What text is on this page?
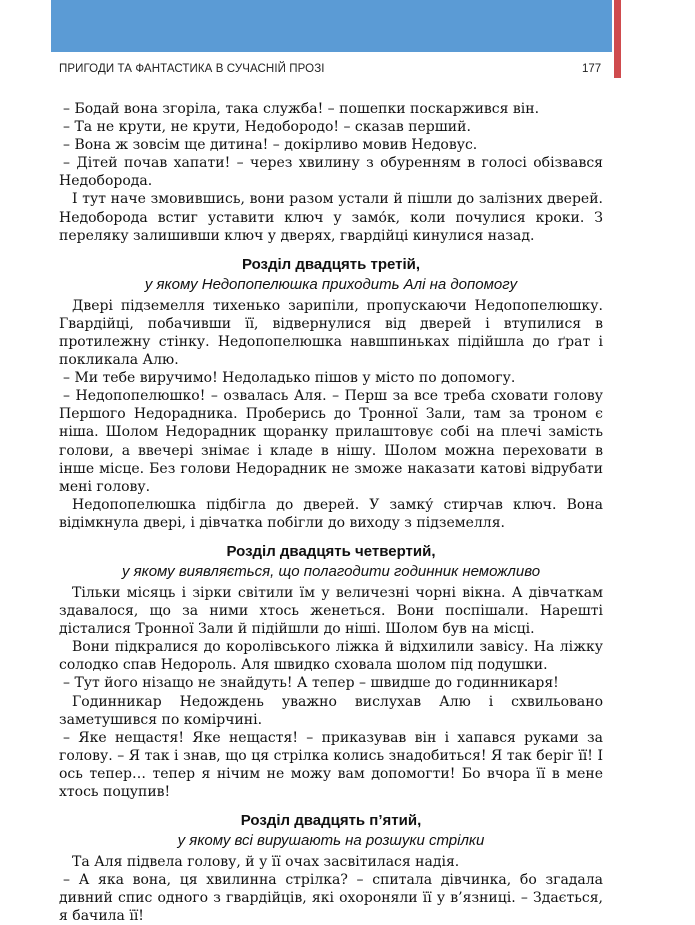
ПРИГОДИ ТА ФАНТАСТИКА В СУЧАСНІЙ ПРОЗІ	177

– Бодай вона згоріла, така служба! – пошепки поскаржився він.

– Та не крути, не крути, Недобородо! – сказав перший.

– Вона ж зовсім ще дитина! – докірливо мовив Недовус.

– Дітей почав хапати! – через хвилину з обуренням в голосі обізвався Недоборода.

І тут наче змовившись, вони разом устали й пішли до залізних дверей. Недоборода встиг уставити ключ у замо́к, коли почулися кроки. З переляку залишивши ключ у дверях, гвардійці кинулися назад.

Розділ двадцять третій,
у якому Недопопелюшка приходить Алі на допомогу

Двері підземелля тихенько зарипіли, пропускаючи Недопопелюшку. Гвардійці, побачивши її, відвернулися від дверей і втупилися в протилежну стінку. Недопопелюшка навшпиньках підійшла до ґрат і покликала Алю.

– Ми тебе виручимо! Недоладько пішов у місто по допомогу.

– Недопопелюшко! – озвалась Аля. – Перш за все треба сховати голову Першого Недорадника. Проберись до Тронної Зали, там за троном є ніша. Шолом Недорадник щоранку прилаштовує собі на плечі замість голови, а ввечері знімає і кладе в нішу. Шолом можна переховати в інше місце. Без голови Недорадник не зможе наказати катові відрубати мені голову.

Недопопелюшка підбігла до дверей. У замку́ стирчав ключ. Вона відімкнула двері, і дівчатка побігли до виходу з підземелля.

Розділ двадцять четвертий,
у якому виявляється, що полагодити годинник неможливо

Тільки місяць і зірки світили їм у величезні чорні вікна. А дівчаткам здавалося, що за ними хтось женеться. Вони поспішали. Нарешті дісталися Тронної Зали й підійшли до ніші. Шолом був на місці.

Вони підкралися до королівського ліжка й відхилили завісу. На ліжку солодко спав Недороль. Аля швидко сховала шолом під подушки.

– Тут його нізащо не знайдуть! А тепер – швидше до годинникаря!

Годинникар Недождень уважно вислухав Алю і схвильовано заметушився по комірчині.

– Яке нещастя! Яке нещастя! – приказував він і хапався руками за голову. – Я так і знав, що ця стрілка колись знадобиться! Я так беріг її! І ось тепер… тепер я нічим не можу вам допомогти! Бо вчора її в мене хтось поцупив!

Розділ двадцять п’ятий,
у якому всі вирушають на розшуки стрілки

Та Аля підвела голову, й у її очах засвітилася надія.

– А яка вона, ця хвилинна стрілка? – спитала дівчинка, бо згадала дивний спис одного з гвардійців, які охороняли її у в’язниці. – Здається, я бачила її!
